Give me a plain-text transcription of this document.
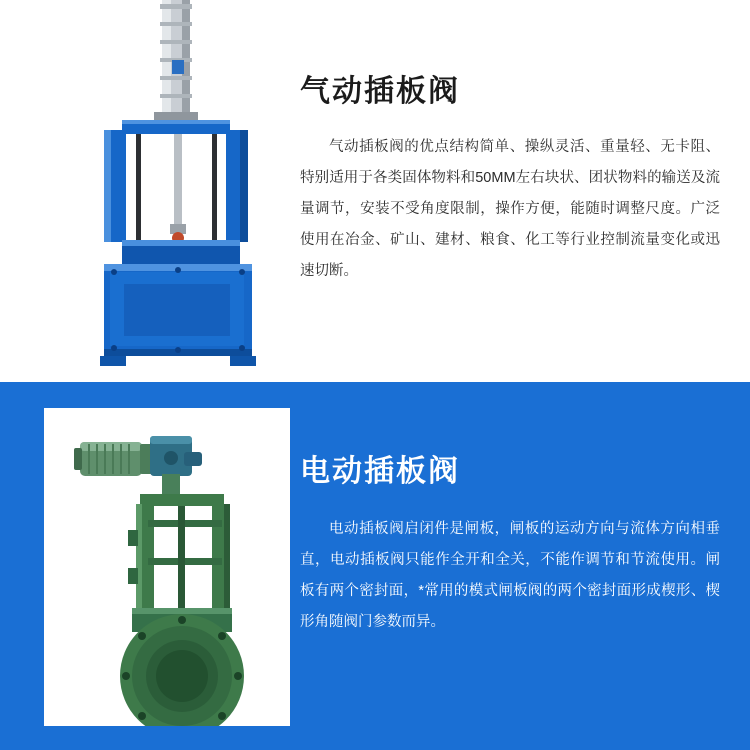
气动插板阀

气动插板阀的优点结构简单、操纵灵活、重量轻、无卡阻、特别适用于各类固体物料和50MM左右块状、团状物料的输送及流量调节，安装不受角度限制，操作方便，能随时调整尺度。广泛使用在冶金、矿山、建材、粮食、化工等行业控制流量变化或迅速切断。

电动插板阀

电动插板阀启闭件是闸板，闸板的运动方向与流体方向相垂直，电动插板阀只能作全开和全关，不能作调节和节流使用。闸板有两个密封面，*常用的模式闸板阀的两个密封面形成楔形、楔形角随阀门参数而异。
